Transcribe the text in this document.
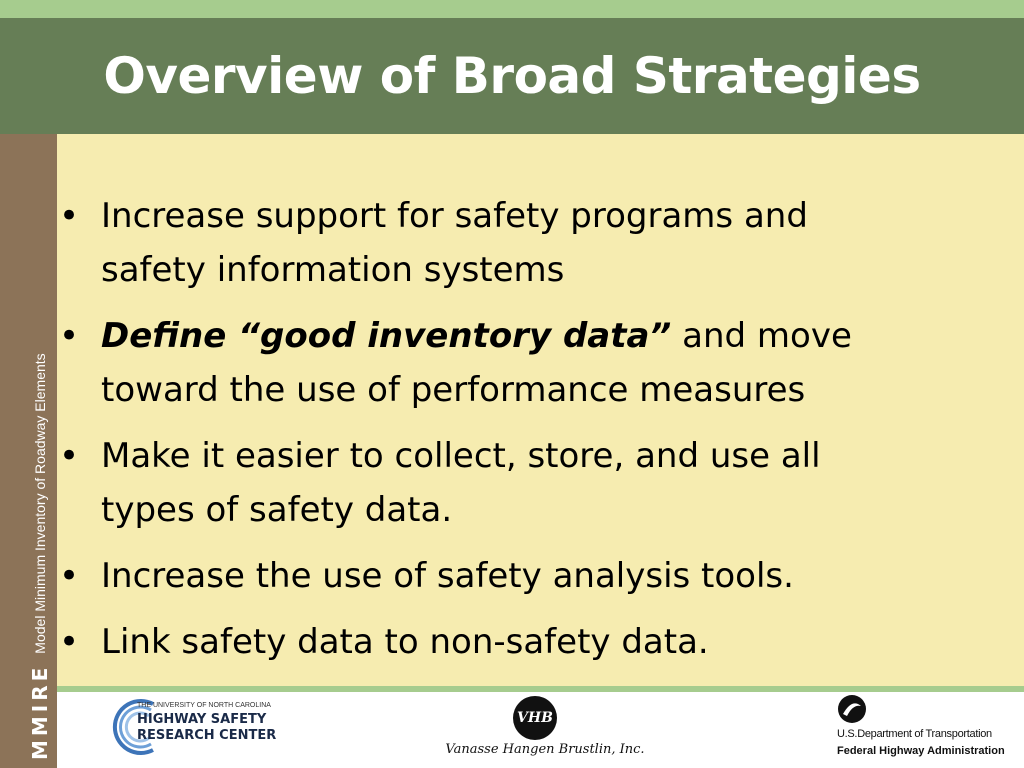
Overview of Broad Strategies
MMIRE
Model Minimum Inventory of Roadway Elements
• Increase support for safety programs and safety information systems
• Define “good inventory data” and move toward the use of performance measures
• Make it easier to collect, store, and use all types of safety data.
• Increase the use of safety analysis tools.
• Link safety data to non-safety data.
THE UNIVERSITY OF NORTH CAROLINA
HIGHWAY SAFETY
RESEARCH CENTER
VHB
Vanasse Hangen Brustlin, Inc.
U.S.Department of Transportation
Federal Highway Administration
